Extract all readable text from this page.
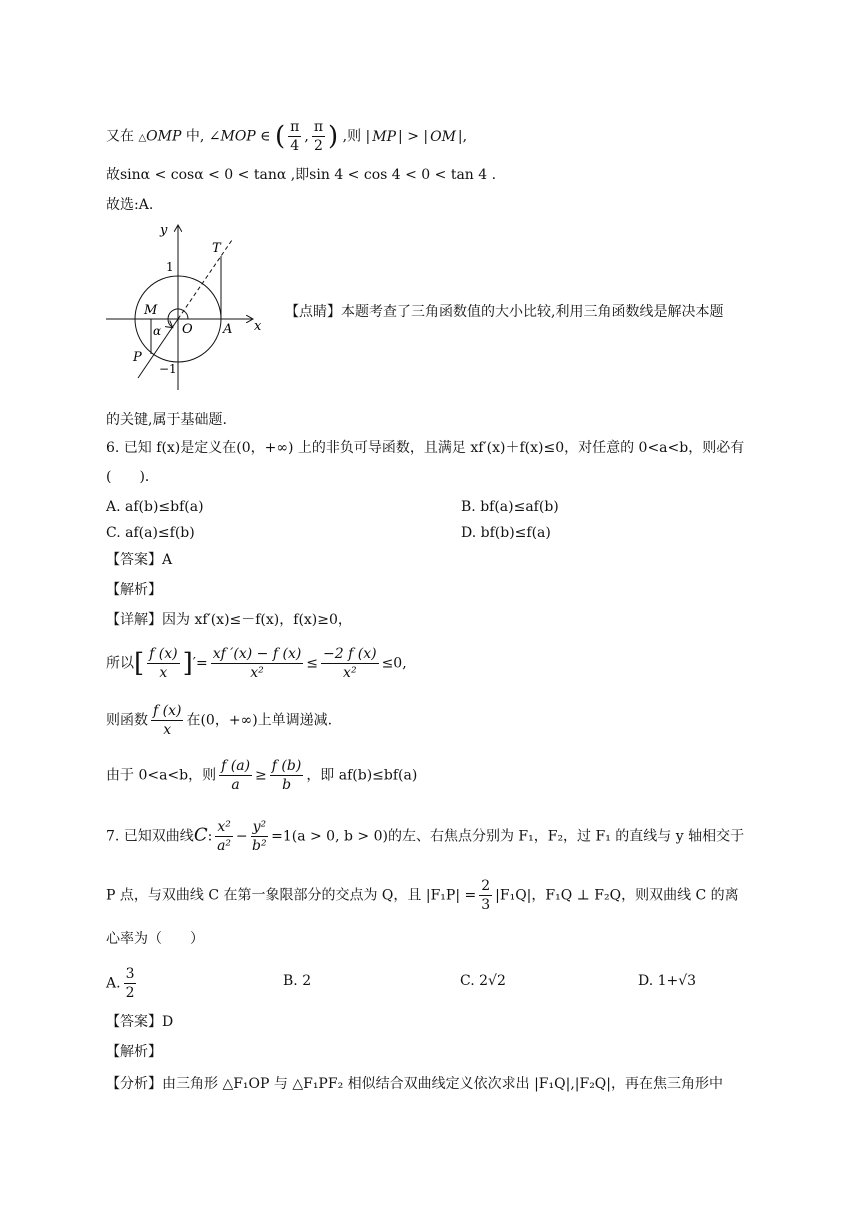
又在 △OMP 中, ∠MOP ∈ ( $\frac{\pi}{4}$ , $\frac{\pi}{2}$ ) ,则 | MP | > | OM |,
故sinα < cosα < 0 < tanα ,即sin 4 < cos 4 < 0 < tan 4 .
故选:A.
y
x
T
1
M
O A
α
P
−1
【点睛】本题考查了三角函数值的大小比较,利用三角函数线是解决本题
的关键,属于基础题.
6. 已知 f(x)是定义在(0，+∞) 上的非负可导函数，且满足 xf′(x)＋f(x)≤0，对任意的 0<a<b，则必有
(　　)．
A. af(b)≤bf(a)	B. bf(a)≤af(b)
C. af(a)≤f(b)	D. bf(b)≤f(a)
【答案】A
【解析】
【详解】因为 xf′(x)≤－f(x)，f(x)≥0，
所以[ $\frac{f (x)}{x}$ ]′= $\frac{xf '(x) - f (x)}{\text{x²}} \le \frac{-2 f (x)}{\text{x²}} \le 0$,
则函数 $\frac{f (x)}{x}$ 在(0，+∞)上单调递减.
由于 0<a<b，则 $\frac{f (a)}{a} \ge \frac{f (b)}{b}$ ，即 af(b)≤bf(a)
7. 已知双曲线C: $\frac{\text{x²}}{\text{a²}} - \frac{\text{y²}}{\text{b²}} =1(a > 0$, b > 0)的左、右焦点分别为 F₁，F₂，过 F₁ 的直线与 y 轴相交于
P 点，与双曲线 C 在第一象限部分的交点为 Q，且 $|F_1P| = \frac{2}{3} |F_1Q|$，F₁Q ⊥ F₂Q，则双曲线 C 的离
心率为（　　）
A. $\frac{3}{2}$	B. 2	C. 2√2	D. 1+√3
【答案】D
【解析】
【分析】由三角形 △F₁OP 与 △F₁PF₂ 相似结合双曲线定义依次求出 |F₁Q|,|F₂Q|，再在焦三角形中
